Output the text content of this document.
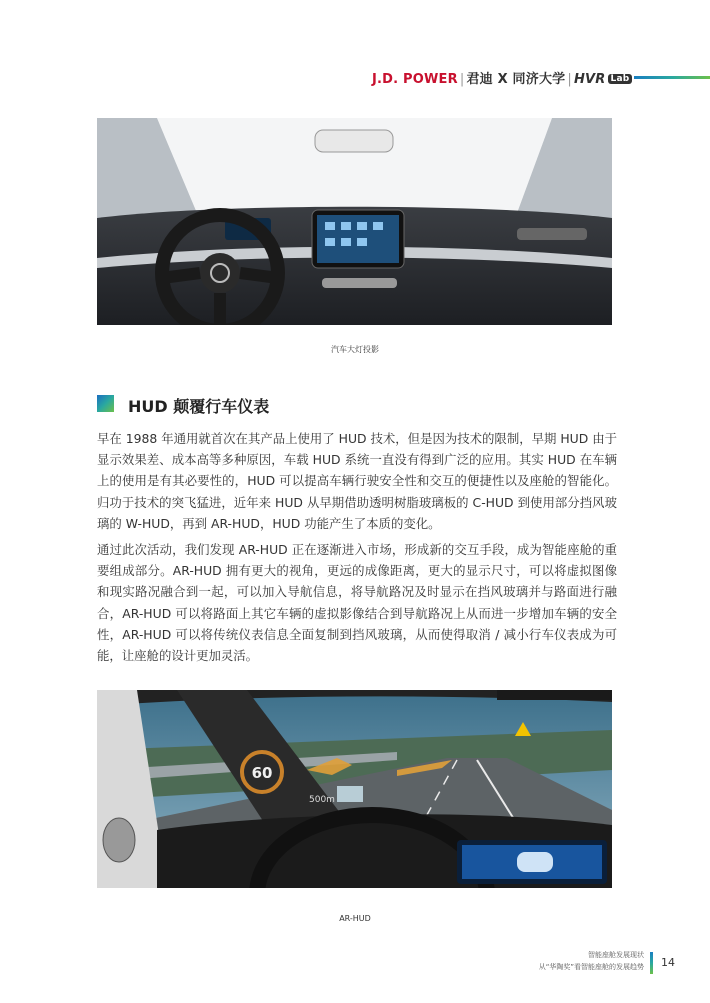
J.D. POWER | 君迪 X 同济大学 | HVR Lab
汽车大灯投影
HUD 颠覆行车仪表
早在 1988 年通用就首次在其产品上使用了 HUD 技术，但是因为技术的限制，早期 HUD 由于显示效果差、成本高等多种原因，车载 HUD 系统一直没有得到广泛的应用。其实 HUD 在车辆上的使用是有其必要性的，HUD 可以提高车辆行驶安全性和交互的便捷性以及座舱的智能化。归功于技术的突飞猛进，近年来 HUD 从早期借助透明树脂玻璃板的 C-HUD 到使用部分挡风玻璃的 W-HUD，再到 AR-HUD，HUD 功能产生了本质的变化。
通过此次活动，我们发现 AR-HUD 正在逐渐进入市场，形成新的交互手段，成为智能座舱的重要组成部分。AR-HUD 拥有更大的视角，更远的成像距离，更大的显示尺寸，可以将虚拟图像和现实路况融合到一起，可以加入导航信息，将导航路况及时显示在挡风玻璃并与路面进行融合，AR-HUD 可以将路面上其它车辆的虚拟影像结合到导航路况上从而进一步增加车辆的安全性，AR-HUD 可以将传统仪表信息全面复制到挡风玻璃，从而使得取消 / 减小行车仪表成为可能，让座舱的设计更加灵活。
60
500m
AR-HUD
智能座舱发展现状
从“华陶奖”看智能座舱的发展趋势 14
